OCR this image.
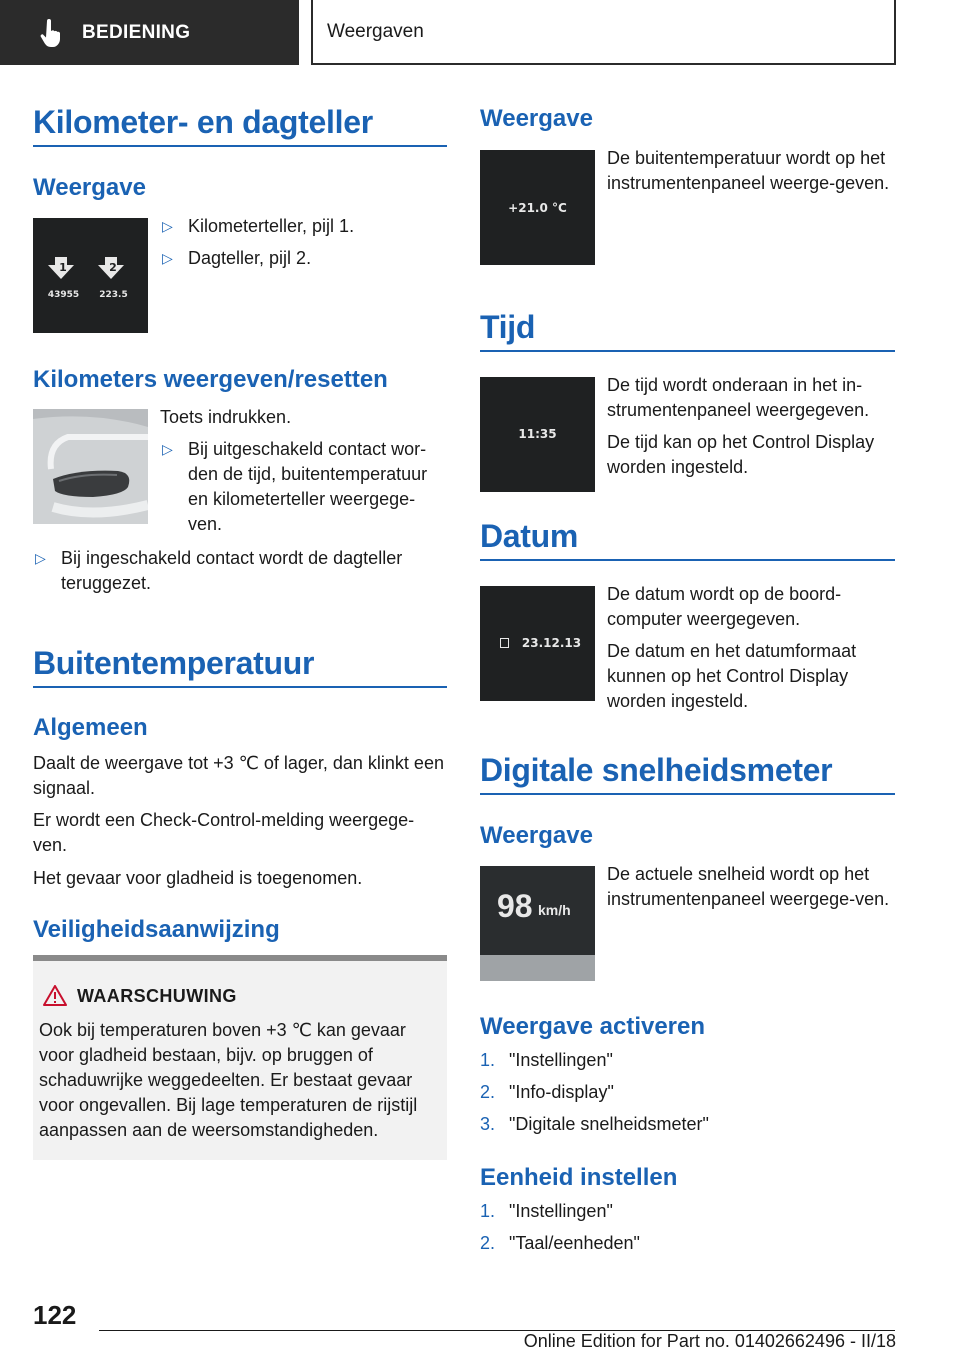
BEDIENING	Weergaven
Kilometer- en dagteller
Weergave
1	2
43955	223.5
▷ Kilometerteller, pijl 1.
▷ Dagteller, pijl 2.
Kilometers weergeven/resetten
Toets indrukken.
▷ Bij uitgeschakeld contact wor-den de tijd, buitentemperatuur en kilometerteller weergege-ven.
▷ Bij ingeschakeld contact wordt de dagteller teruggezet.
Buitentemperatuur
Algemeen
Daalt de weergave tot +3 ℃ of lager, dan klinkt een signaal.
Er wordt een Check-Control-melding weergege-ven.
Het gevaar voor gladheid is toegenomen.
Veiligheidsaanwijzing
WAARSCHUWING
Ook bij temperaturen boven +3 ℃ kan gevaar voor gladheid bestaan, bijv. op bruggen of schaduwrijke weggedeelten. Er bestaat gevaar voor ongevallen. Bij lage temperaturen de rijstijl aanpassen aan de weersomstandigheden.
Weergave
+21.0 °C
De buitentemperatuur wordt op het instrumentenpaneel weerge-geven.
Tijd
11:35
De tijd wordt onderaan in het in-strumentenpaneel weergegeven.
De tijd kan op het Control Display worden ingesteld.
Datum
23.12.13
De datum wordt op de boord-computer weergegeven.
De datum en het datumformaat kunnen op het Control Display worden ingesteld.
Digitale snelheidsmeter
Weergave
98 km/h
De actuele snelheid wordt op het instrumentenpaneel weergege-ven.
Weergave activeren
1. "Instellingen"
2. "Info-display"
3. "Digitale snelheidsmeter"
Eenheid instellen
1. "Instellingen"
2. "Taal/eenheden"
122
Online Edition for Part no. 01402662496 - II/18
